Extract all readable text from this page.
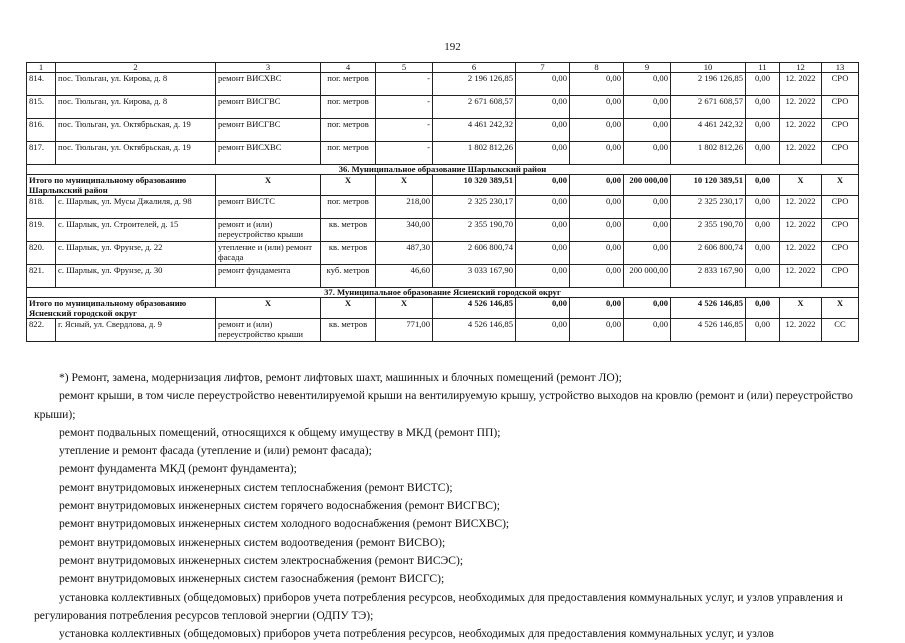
192
1	2	3	4	5	6	7	8	9	10	11	12	13
814.	пос. Тюльган, ул. Кирова, д. 8	ремонт ВИСХВС	пог. метров	-	2 196 126,85	0,00	0,00	0,00	2 196 126,85	0,00	12. 2022	СРО
815.	пос. Тюльган, ул. Кирова, д. 8	ремонт ВИСГВС	пог. метров	-	2 671 608,57	0,00	0,00	0,00	2 671 608,57	0,00	12. 2022	СРО
816.	пос. Тюльган, ул. Октябрьская, д. 19	ремонт ВИСГВС	пог. метров	-	4 461 242,32	0,00	0,00	0,00	4 461 242,32	0,00	12. 2022	СРО
817.	пос. Тюльган, ул. Октябрьская, д. 19	ремонт ВИСХВС	пог. метров	-	1 802 812,26	0,00	0,00	0,00	1 802 812,26	0,00	12. 2022	СРО
36. Муниципальное образование Шарлыкский район												
Итого по муниципальному образованию Шарлыкский район		Х	Х	Х	10 320 389,51	0,00	0,00	200 000,00	10 120 389,51	0,00	Х	Х
818.	с. Шарлык, ул. Мусы Джалиля, д. 98	ремонт ВИСТС	пог. метров	218,00	2 325 230,17	0,00	0,00	0,00	2 325 230,17	0,00	12. 2022	СРО
819.	с. Шарлык, ул. Строителей, д. 15	ремонт и (или) переустройство крыши	кв. метров	340,00	2 355 190,70	0,00	0,00	0,00	2 355 190,70	0,00	12. 2022	СРО
820.	с. Шарлык, ул. Фрунзе, д. 22	утепление и (или) ремонт фасада	кв. метров	487,30	2 606 800,74	0,00	0,00	0,00	2 606 800,74	0,00	12. 2022	СРО
821.	с. Шарлык, ул. Фрунзе, д. 30	ремонт фундамента	куб. метров	46,60	3 033 167,90	0,00	0,00	200 000,00	2 833 167,90	0,00	12. 2022	СРО
37. Муниципальное образование Ясненский городской округ												
Итого по муниципальному образованию Ясненский городской округ		Х	Х	Х	4 526 146,85	0,00	0,00	0,00	4 526 146,85	0,00	Х	Х
822.	г. Ясный, ул. Свердлова, д. 9	ремонт и (или) переустройство крыши	кв. метров	771,00	4 526 146,85	0,00	0,00	0,00	4 526 146,85	0,00	12. 2022	СС

*) Ремонт, замена, модернизация лифтов, ремонт лифтовых шахт, машинных и блочных помещений (ремонт ЛО);

ремонт крыши, в том числе переустройство невентилируемой крыши на вентилируемую крышу, устройство выходов на кровлю (ремонт и (или) переустройство крыши);

ремонт подвальных помещений, относящихся к общему имуществу в МКД (ремонт ПП);

утепление и ремонт фасада (утепление и (или) ремонт фасада);

ремонт фундамента МКД (ремонт фундамента);

ремонт внутридомовых инженерных систем теплоснабжения (ремонт ВИСТС);

ремонт внутридомовых инженерных систем горячего водоснабжения (ремонт ВИСГВС);

ремонт внутридомовых инженерных систем холодного водоснабжения (ремонт ВИСХВС);

ремонт внутридомовых инженерных систем водоотведения (ремонт ВИСВО);

ремонт внутридомовых инженерных систем электроснабжения (ремонт ВИСЭС);

ремонт внутридомовых инженерных систем газоснабжения (ремонт ВИСГС);

установка коллективных (общедомовых) приборов учета потребления ресурсов, необходимых для предоставления коммунальных услуг, и узлов управления и регулирования потребления ресурсов тепловой энергии (ОДПУ ТЭ);

установка коллективных (общедомовых) приборов учета потребления ресурсов, необходимых для предоставления коммунальных услуг, и узлов
